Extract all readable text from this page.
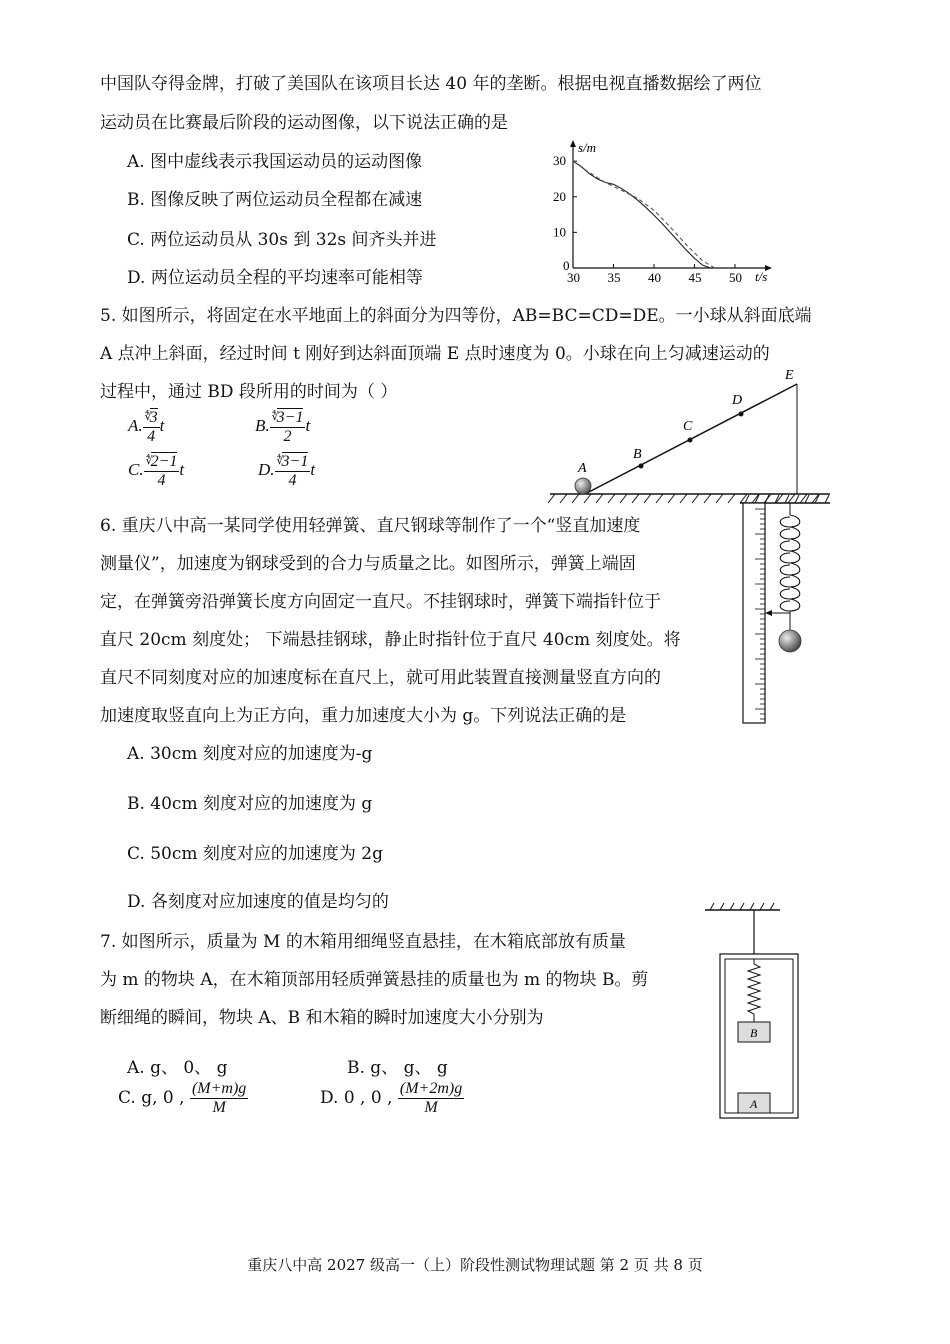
中国队夺得金牌，打破了美国队在该项目长达 40 年的垄断。根据电视直播数据绘了两位
运动员在比赛最后阶段的运动图像，以下说法正确的是
A. 图中虚线表示我国运动员的运动图像
B. 图像反映了两位运动员全程都在减速
C. 两位运动员从 30s 到 32s 间齐头并进
D. 两位运动员全程的平均速率可能相等	30 35 40 45 50
0
10
20
30
s/m
t/s
5. 如图所示，将固定在水平地面上的斜面分为四等份，AB=BC=CD=DE。一小球从斜面底端
A 点冲上斜面，经过时间 t 刚好到达斜面顶端 E 点时速度为 0。小球在向上匀减速运动的
过程中，通过 BD 段所用的时间为（ ）
A. $\frac{^∜3}{4}$ t	B. $\frac{^∜3-1}{2}$ t
C. $\frac{^∜2-1}{4}$ t	D. $\frac{^∜3-1}{4}$ t	A
B
C
D
E
6. 重庆八中高一某同学使用轻弹簧、直尺钢球等制作了一个“竖直加速度
测量仪”，加速度为钢球受到的合力与质量之比。如图所示，弹簧上端固
定，在弹簧旁沿弹簧长度方向固定一直尺。不挂钢球时，弹簧下端指针位于
直尺 20cm 刻度处； 下端悬挂钢球，静止时指针位于直尺 40cm 刻度处。将
直尺不同刻度对应的加速度标在直尺上，就可用此装置直接测量竖直方向的
加速度取竖直向上为正方向，重力加速度大小为 g。下列说法正确的是
A. 30cm 刻度对应的加速度为-g
B. 40cm 刻度对应的加速度为 g
C. 50cm 刻度对应的加速度为 2g
D. 各刻度对应加速度的值是均匀的
7. 如图所示，质量为 M 的木箱用细绳竖直悬挂，在木箱底部放有质量
为 m 的物块 A，在木箱顶部用轻质弹簧悬挂的质量也为 m 的物块 B。剪
断细绳的瞬间，物块 A、B 和木箱的瞬时加速度大小分别为
A. g、 0、 g	B. g、 g、 g
C. g, 0 , $\frac{(M+m)g}{M}$	D. 0 , 0 , $\frac{(M+2m)g}{M}$
B
A
重庆八中高 2027 级高一（上）阶段性测试物理试题 第 2 页 共 8 页
